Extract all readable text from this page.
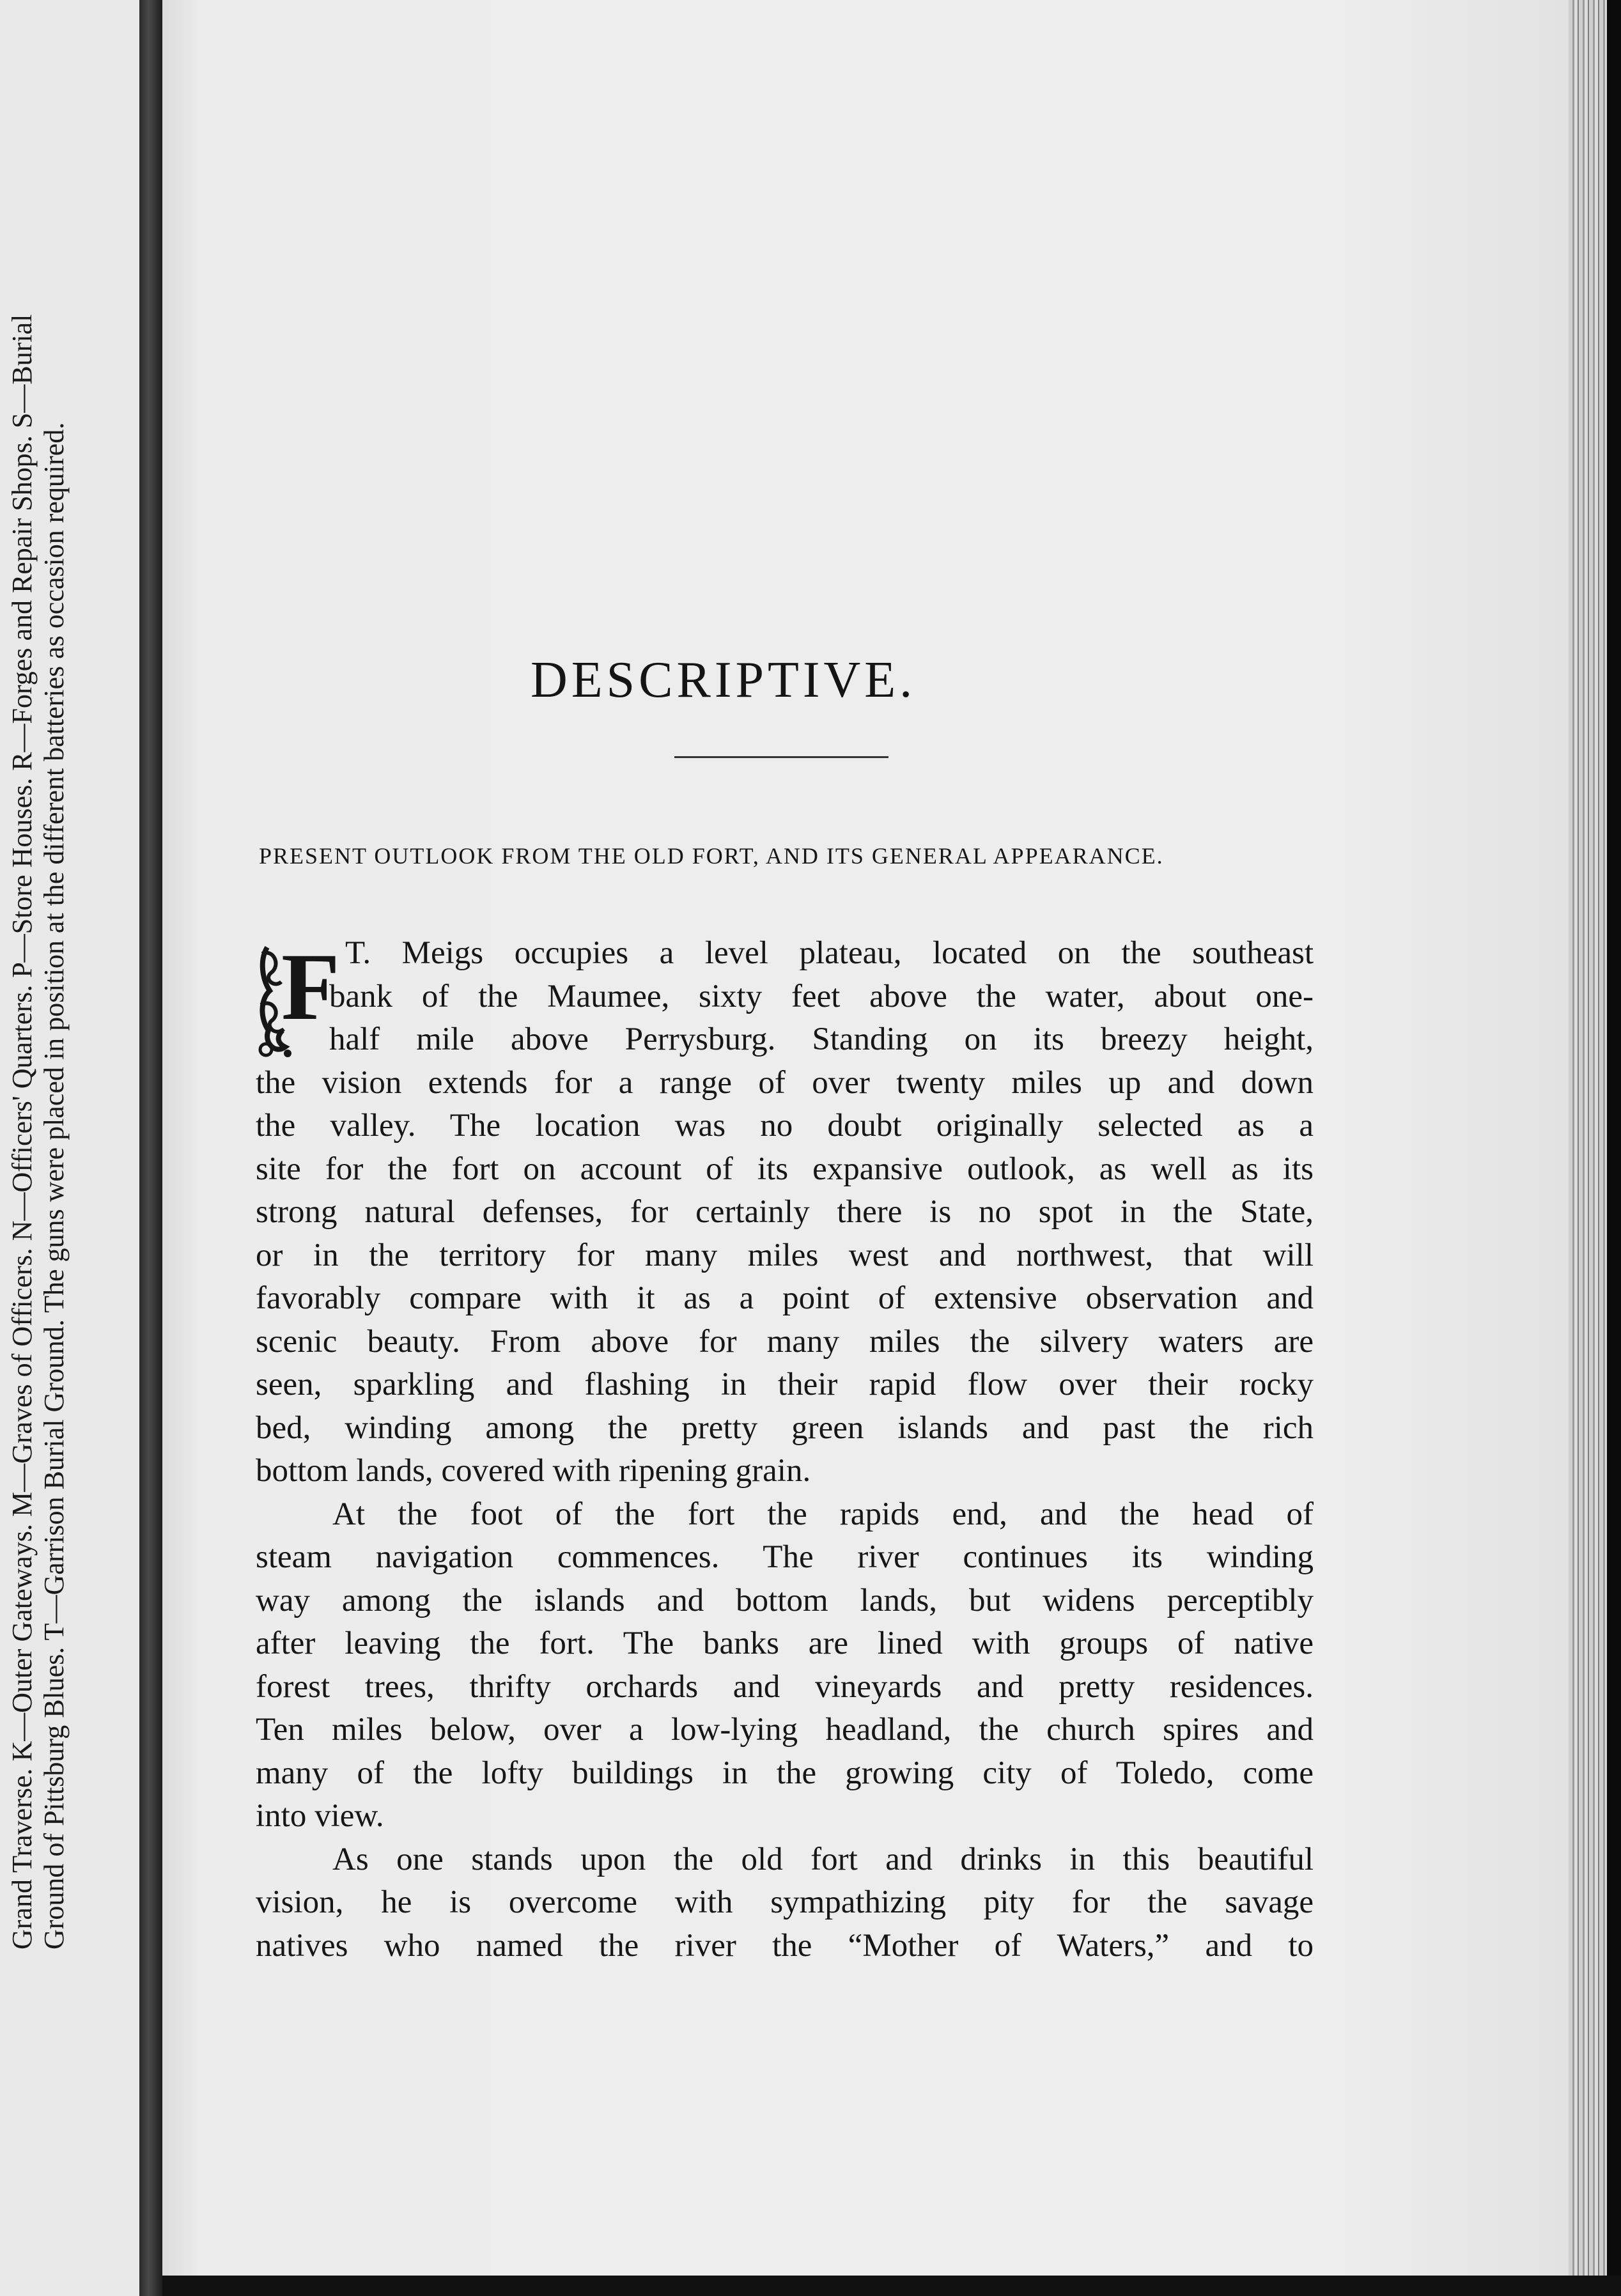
Grand Traverse. K—Outer Gateways. M—Graves of Officers. N—Officers' Quarters. P—Store Houses. R—Forges and Repair Shops. S—Burial Ground of Pittsburg Blues. T—Garrison Burial Ground. The guns were placed in position at the different batteries as occasion required.	DESCRIPTIVE.
PRESENT OUTLOOK FROM THE OLD FORT, AND ITS GENERAL APPEARANCE.
F T. Meigs occupies a level plateau, located on the southeast
bank of the Maumee, sixty feet above the water, about one-
half mile above Perrysburg. Standing on its breezy height,
the vision extends for a range of over twenty miles up and down
the valley. The location was no doubt originally selected as a
site for the fort on account of its expansive outlook, as well as its
strong natural defenses, for certainly there is no spot in the State,
or in the territory for many miles west and northwest, that will
favorably compare with it as a point of extensive observation and
scenic beauty. From above for many miles the silvery waters are
seen, sparkling and flashing in their rapid flow over their rocky
bed, winding among the pretty green islands and past the rich
bottom lands, covered with ripening grain.
At the foot of the fort the rapids end, and the head of
steam navigation commences. The river continues its winding
way among the islands and bottom lands, but widens perceptibly
after leaving the fort. The banks are lined with groups of native
forest trees, thrifty orchards and vineyards and pretty residences.
Ten miles below, over a low-lying headland, the church spires and
many of the lofty buildings in the growing city of Toledo, come
into view.
As one stands upon the old fort and drinks in this beautiful
vision, he is overcome with sympathizing pity for the savage
natives who named the river the “Mother of Waters,” and to
